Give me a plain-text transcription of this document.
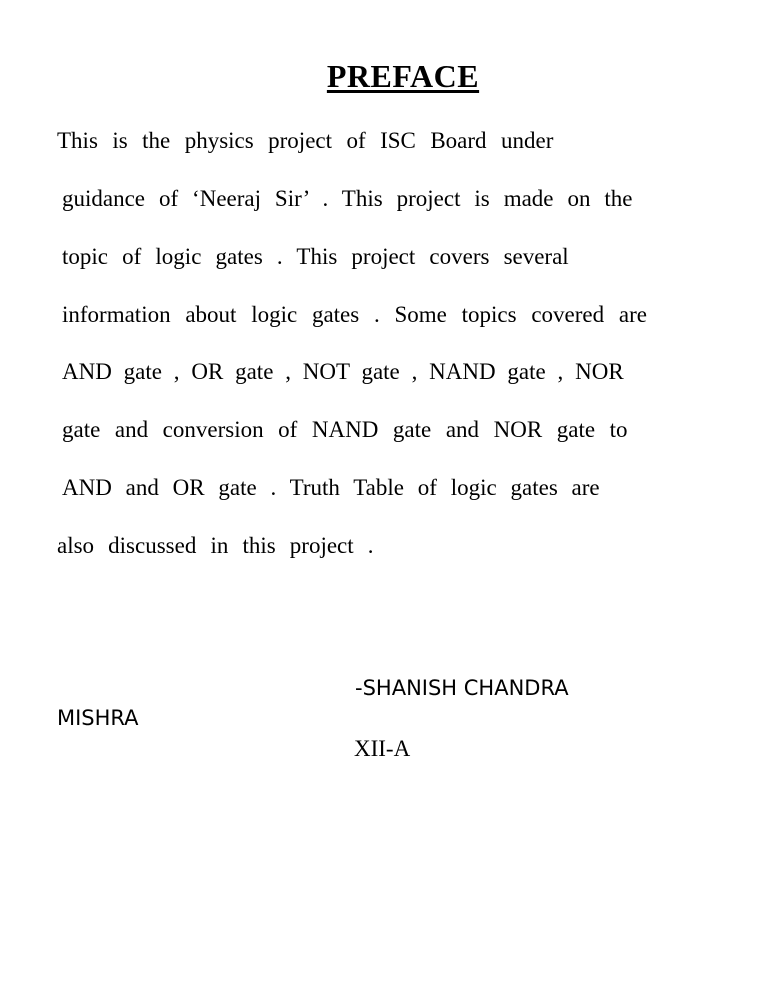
PREFACE
This is the physics project of ISC Board under
guidance of ‘Neeraj Sir’ . This project is made on the
topic of logic gates . This project covers several
information about logic gates . Some topics covered are
AND gate , OR gate , NOT gate , NAND gate , NOR
gate and conversion of NAND gate and NOR gate to
AND and OR gate . Truth Table of logic gates are
also discussed in this project .
-SHANISH CHANDRA
MISHRA
XII-A
